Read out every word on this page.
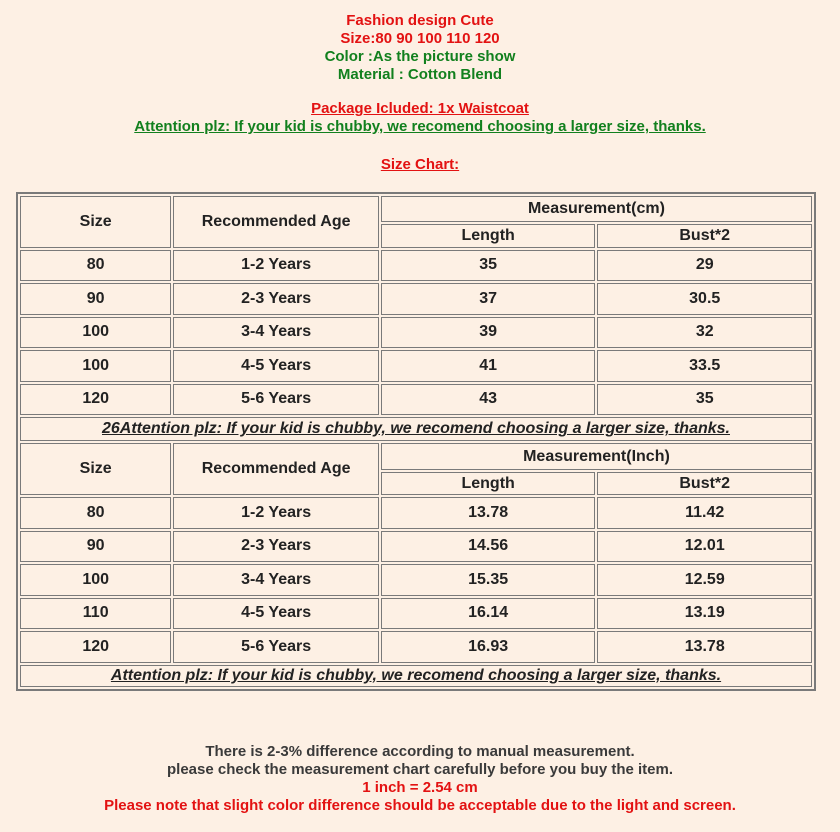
Fashion design Cute
Size:80 90 100 110 120
Color :As the picture show
Material : Cotton Blend
Package Icluded: 1x Waistcoat
Attention plz: If your kid is chubby, we recomend choosing a larger size, thanks.
Size Chart:
Size	Recommended Age	Measurement(cm)	
		Length	Bust*2
80	1-2 Years	35	29
90	2-3 Years	37	30.5
100	3-4 Years	39	32
100	4-5 Years	41	33.5
120	5-6 Years	43	35
26Attention plz: If your kid is chubby, we recomend choosing a larger size, thanks.			
Size	Recommended Age	Measurement(Inch)	
		Length	Bust*2
80	1-2 Years	13.78	11.42
90	2-3 Years	14.56	12.01
100	3-4 Years	15.35	12.59
110	4-5 Years	16.14	13.19
120	5-6 Years	16.93	13.78
Attention plz: If your kid is chubby, we recomend choosing a larger size, thanks.			
There is 2-3% difference according to manual measurement.
please check the measurement chart carefully before you buy the item.
1 inch = 2.54 cm
Please note that slight color difference should be acceptable due to the light and screen.
